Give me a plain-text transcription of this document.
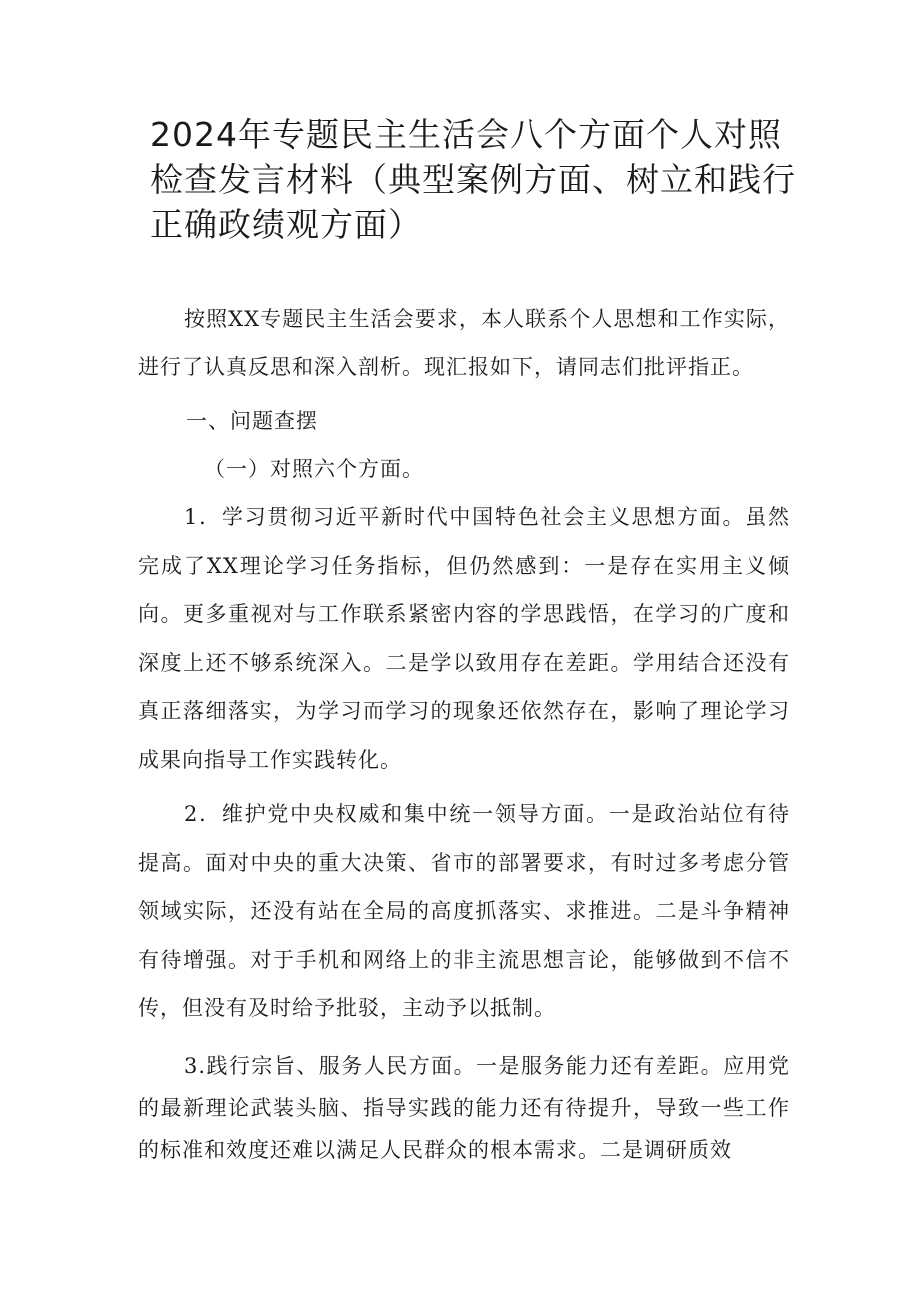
2024年专题民主生活会八个方面个人对照检查发言材料（典型案例方面、树立和践行正确政绩观方面）

按照XX专题民主生活会要求，本人联系个人思想和工作实际，进行了认真反思和深入剖析。现汇报如下，请同志们批评指正。

一、问题查摆

（一）对照六个方面。

1．学习贯彻习近平新时代中国特色社会主义思想方面。虽然完成了XX理论学习任务指标，但仍然感到：一是存在实用主义倾向。更多重视对与工作联系紧密内容的学思践悟，在学习的广度和深度上还不够系统深入。二是学以致用存在差距。学用结合还没有真正落细落实，为学习而学习的现象还依然存在，影响了理论学习成果向指导工作实践转化。

2．维护党中央权威和集中统一领导方面。一是政治站位有待提高。面对中央的重大决策、省市的部署要求，有时过多考虑分管领域实际，还没有站在全局的高度抓落实、求推进。二是斗争精神有待增强。对于手机和网络上的非主流思想言论，能够做到不信不传，但没有及时给予批驳，主动予以抵制。

3.践行宗旨、服务人民方面。一是服务能力还有差距。应用党的最新理论武装头脑、指导实践的能力还有待提升，导致一些工作的标准和效度还难以满足人民群众的根本需求。二是调研质效
